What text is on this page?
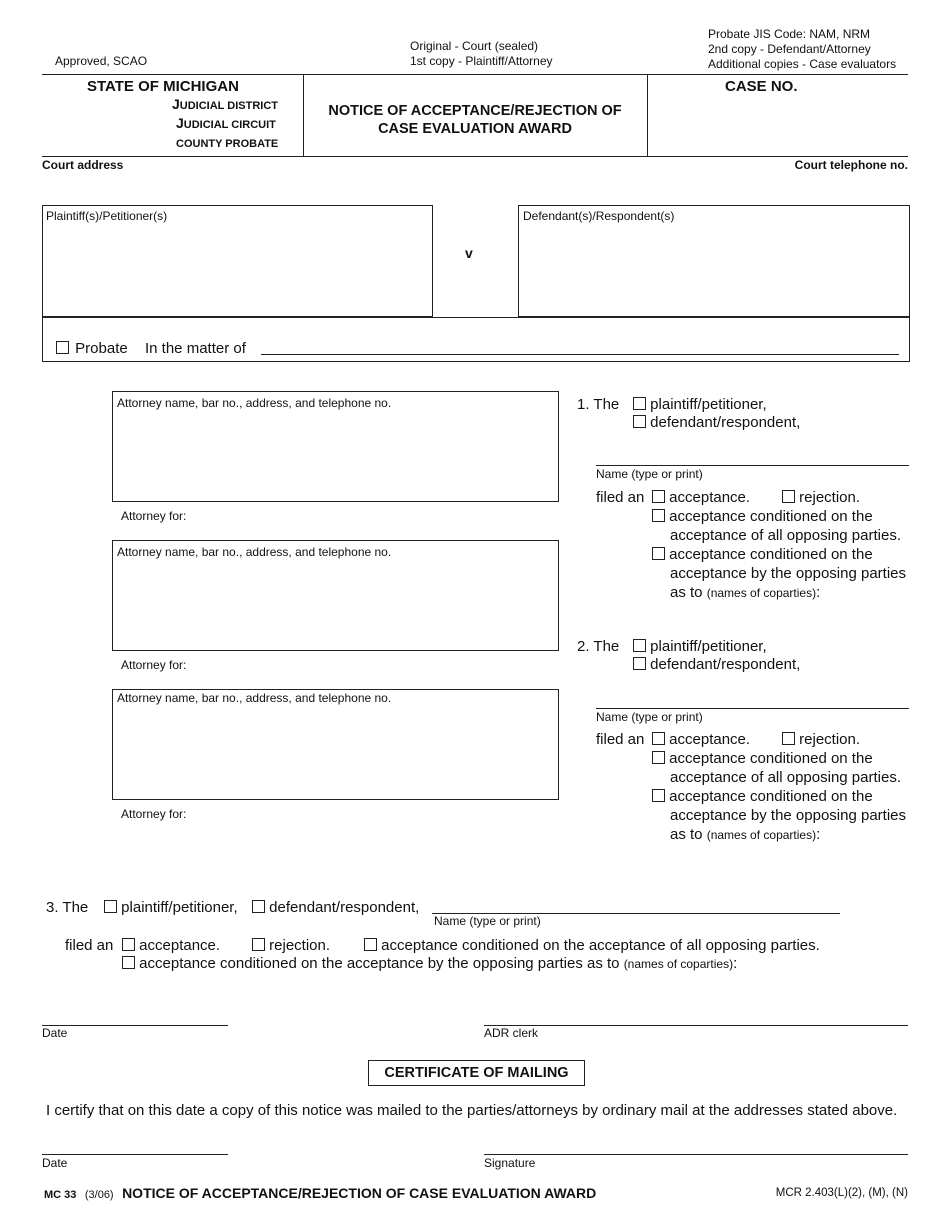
Approved, SCAO
Original - Court (sealed)
1st copy - Plaintiff/Attorney
Probate JIS Code: NAM, NRM
2nd copy - Defendant/Attorney
Additional copies - Case evaluators
STATE OF MICHIGAN
JUDICIAL DISTRICT
JUDICIAL CIRCUIT
COUNTY PROBATE
NOTICE OF ACCEPTANCE/REJECTION OF
CASE EVALUATION AWARD
CASE NO.
Court address	Court telephone no.
Plaintiff(s)/Petitioner(s)
v
Defendant(s)/Respondent(s)
Probate In the matter of
Attorney name, bar no., address, and telephone no.
Attorney for:
Attorney name, bar no., address, and telephone no.
Attorney for:
Attorney name, bar no., address, and telephone no.
Attorney for:
1. The	plaintiff/petitioner,
defendant/respondent,
Name (type or print)
filed an	acceptance.	rejection.
acceptance conditioned on the
acceptance of all opposing parties.
acceptance conditioned on the
acceptance by the opposing parties
as to (names of coparties):
2. The	plaintiff/petitioner,
defendant/respondent,
Name (type or print)
filed an	acceptance.	rejection.
acceptance conditioned on the
acceptance of all opposing parties.
acceptance conditioned on the
acceptance by the opposing parties
as to (names of coparties):
3. The	plaintiff/petitioner,	defendant/respondent,
Name (type or print)
filed an	acceptance.	rejection.	acceptance conditioned on the acceptance of all opposing parties.
acceptance conditioned on the acceptance by the opposing parties as to (names of coparties):
Date	ADR clerk
CERTIFICATE OF MAILING
I certify that on this date a copy of this notice was mailed to the parties/attorneys by ordinary mail at the addresses stated above.
Date	Signature
MC 33 (3/06) NOTICE OF ACCEPTANCE/REJECTION OF CASE EVALUATION AWARD	MCR 2.403(L)(2), (M), (N)
